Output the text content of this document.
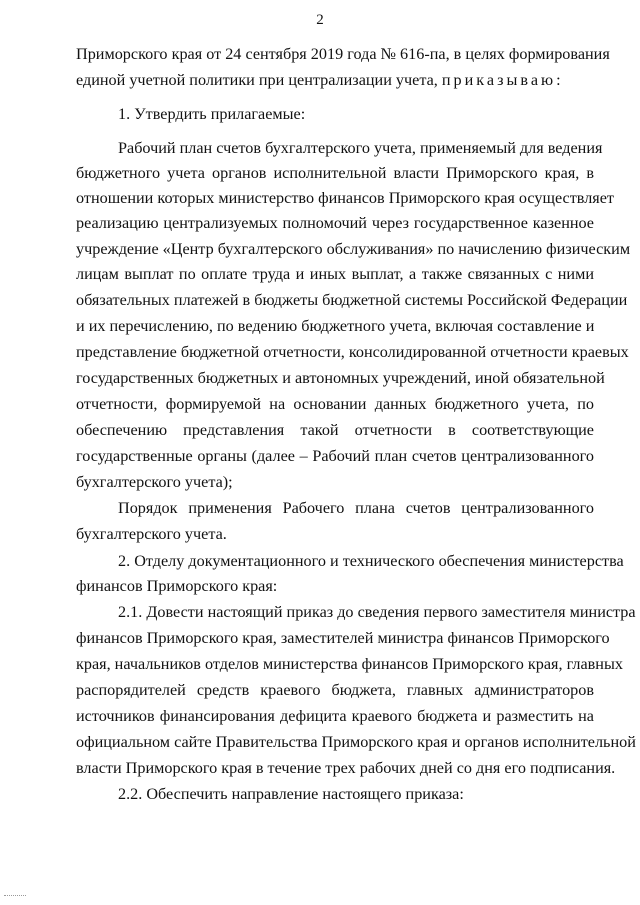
2
Приморского края от 24 сентября 2019 года № 616-па, в целях формирования
единой учетной политики при централизации учета, приказываю:
1. Утвердить прилагаемые:
Рабочий план счетов бухгалтерского учета, применяемый для ведения
бюджетного учета органов исполнительной власти Приморского края, в
отношении которых министерство финансов Приморского края осуществляет
реализацию централизуемых полномочий через государственное казенное
учреждение «Центр бухгалтерского обслуживания» по начислению физическим
лицам выплат по оплате труда и иных выплат, а также связанных с ними
обязательных платежей в бюджеты бюджетной системы Российской Федерации
и их перечислению, по ведению бюджетного учета, включая составление и
представление бюджетной отчетности, консолидированной отчетности краевых
государственных бюджетных и автономных учреждений, иной обязательной
отчетности, формируемой на основании данных бюджетного учета, по
обеспечению представления такой отчетности в соответствующие
государственные органы (далее – Рабочий план счетов централизованного
бухгалтерского учета);
Порядок применения Рабочего плана счетов централизованного
бухгалтерского учета.
2. Отделу документационного и технического обеспечения министерства
финансов Приморского края:
2.1. Довести настоящий приказ до сведения первого заместителя министра
финансов Приморского края, заместителей министра финансов Приморского
края, начальников отделов министерства финансов Приморского края, главных
распорядителей средств краевого бюджета, главных администраторов
источников финансирования дефицита краевого бюджета и разместить на
официальном сайте Правительства Приморского края и органов исполнительной
власти Приморского края в течение трех рабочих дней со дня его подписания.
2.2. Обеспечить направление настоящего приказа:
